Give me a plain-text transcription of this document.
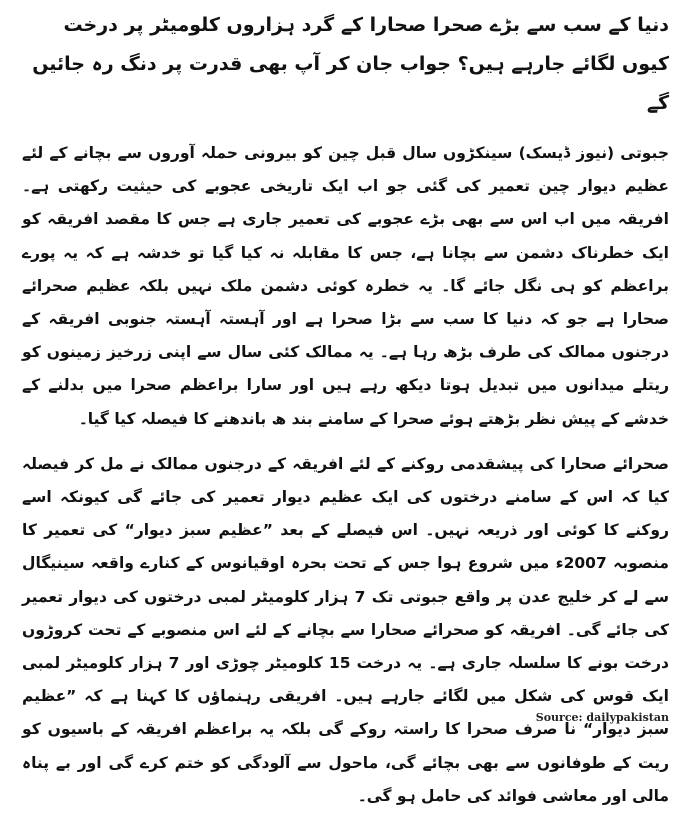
دنیا کے سب سے بڑے صحرا صحارا کے گرد ہزاروں کلومیٹر پر درخت کیوں لگائے جارہے ہیں؟ جواب جان کر آپ بھی قدرت پر دنگ رہ جائیں گے

جبوتی (نیوز ڈیسک) سینکڑوں سال قبل چین کو بیرونی حملہ آوروں سے بچانے کے لئے عظیم دیوار چین تعمیر کی گئی جو اب ایک تاریخی عجوبے کی حیثیت رکھتی ہے۔ افریقہ میں اب اس سے بھی بڑے عجوبے کی تعمیر جاری ہے جس کا مقصد افریقہ کو ایک خطرناک دشمن سے بچانا ہے، جس کا مقابلہ نہ کیا گیا تو خدشہ ہے کہ یہ پورے براعظم کو ہی نگل جائے گا۔ یہ خطرہ کوئی دشمن ملک نہیں بلکہ عظیم صحرائے صحارا ہے جو کہ دنیا کا سب سے بڑا صحرا ہے اور آہستہ آہستہ جنوبی افریقہ کے درجنوں ممالک کی طرف بڑھ رہا ہے۔ یہ ممالک کئی سال سے اپنی زرخیز زمینوں کو ریتلے میدانوں میں تبدیل ہوتا دیکھ رہے ہیں اور سارا براعظم صحرا میں بدلنے کے خدشے کے پیش نظر بڑھتے ہوئے صحرا کے سامنے بند ھ باندھنے کا فیصلہ کیا گیا۔

صحرائے صحارا کی پیشقدمی روکنے کے لئے افریقہ کے درجنوں ممالک نے مل کر فیصلہ کیا کہ اس کے سامنے درختوں کی ایک عظیم دیوار تعمیر کی جائے گی کیونکہ اسے روکنے کا کوئی اور ذریعہ نہیں۔ اس فیصلے کے بعد ”عظیم سبز دیوار“ کی تعمیر کا منصوبہ 2007ء میں شروع ہوا جس کے تحت بحرہ اوقیانوس کے کنارے واقعہ سینیگال سے لے کر خلیج عدن پر واقع جبوتی تک 7 ہزار کلومیٹر لمبی درختوں کی دیوار تعمیر کی جائے گی۔ افریقہ کو صحرائے صحارا سے بچانے کے لئے اس منصوبے کے تحت کروڑوں درخت بونے کا سلسلہ جاری ہے۔ یہ درخت 15 کلومیٹر چوڑی اور 7 ہزار کلومیٹر لمبی ایک قوس کی شکل میں لگائے جارہے ہیں۔ افریقی رہنماؤں کا کہنا ہے کہ ”عظیم سبز دیوار“ نا صرف صحرا کا راستہ روکے گی بلکہ یہ براعظم افریقہ کے باسیوں کو ریت کے طوفانوں سے بھی بچائے گی، ماحول سے آلودگی کو ختم کرے گی اور بے پناہ مالی اور معاشی فوائد کی حامل ہو گی۔

Source: dailypakistan
